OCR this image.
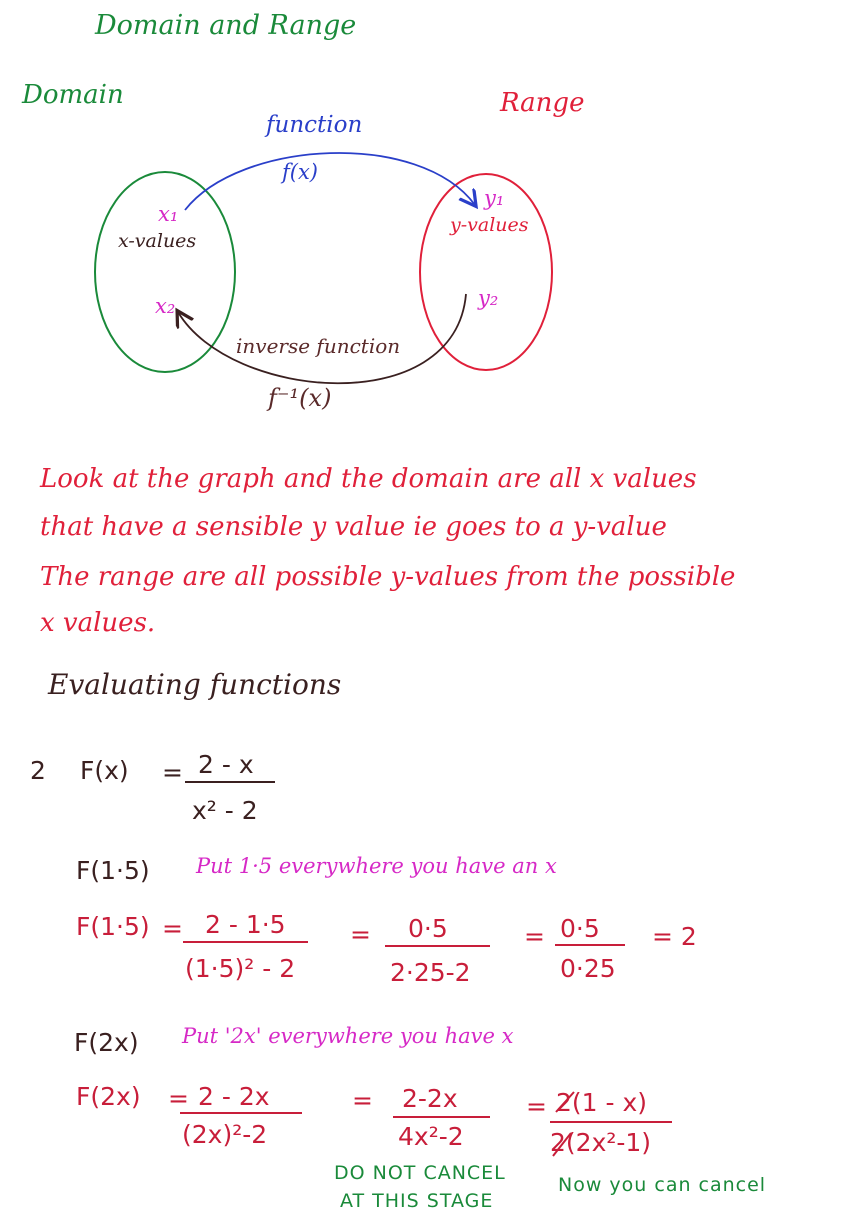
Domain and Range
Domain	Range
function
f(x)
x₁
x-values
x₂
y₁
y-values
y₂
inverse function
f⁻¹(x)
Look at the graph and the domain are all x values
that have a sensible y value ie goes to a y-value
The range are all possible y-values from the possible
x values.
Evaluating functions
2 F(x) = 2 - x
x² - 2
F(1·5) Put 1·5 everywhere you have an x
F(1·5) = 2 - 1·5
(1·5)² - 2
= 0·5
2·25-2
= 0·5
0·25
= 2
F(2x) Put '2x' everywhere you have x
F(2x) = 2 - 2x
(2x)²-2
= 2-2x
4x²-2
= 2(1 - x)
2(2x²-1)
DO NOT CANCEL
AT THIS STAGE
Now you can cancel
